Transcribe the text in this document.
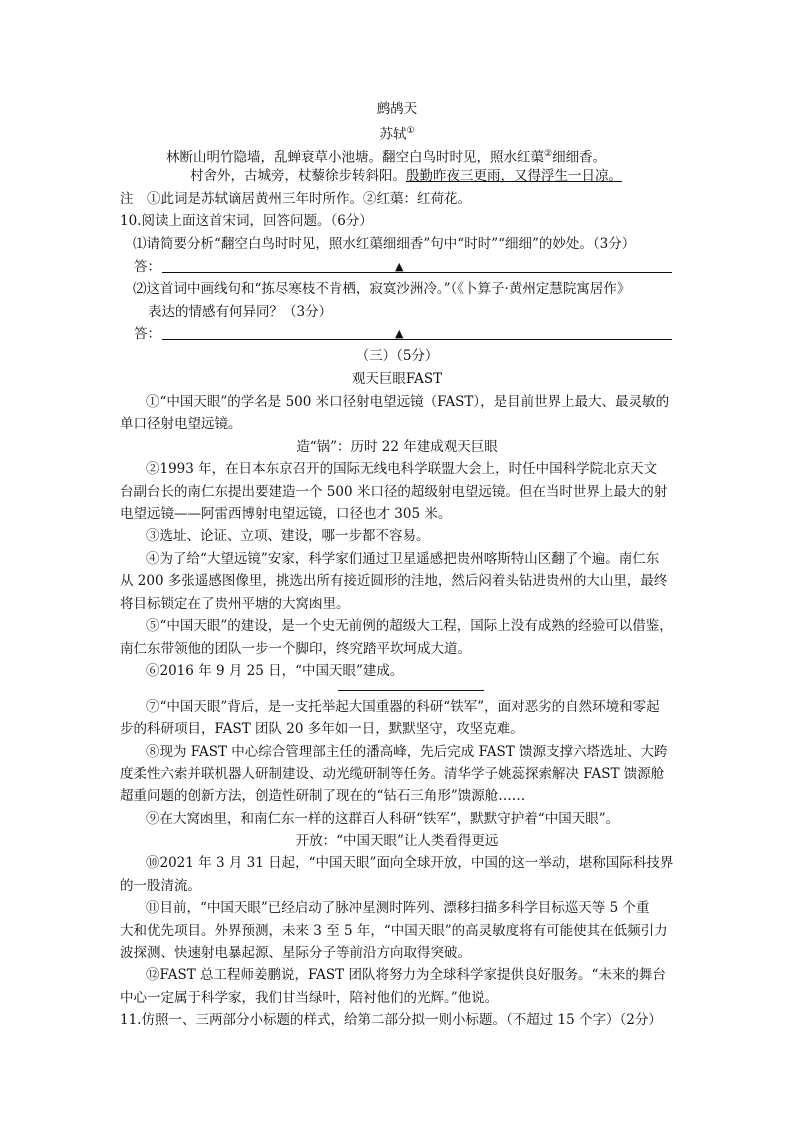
鹧鸪天
苏轼①
林断山明竹隐墙，乱蝉衰草小池塘。翻空白鸟时时见，照水红蕖②细细香。
村舍外，古城旁，杖藜徐步转斜阳。殷勤昨夜三更雨，又得浮生一日凉。
注　①此词是苏轼谪居黄州三年时所作。②红蕖：红荷花。
10.阅读上面这首宋词，回答问题。（6分）
⑴请简要分析“翻空白鸟时时见，照水红蕖细细香”句中“时时”“细细”的妙处。（3分）
答：	▲
⑵这首词中画线句和“拣尽寒枝不肯栖，寂寞沙洲冷。”（《卜算子·黄州定慧院寓居作》
表达的情感有何异同？（3分）
答：	▲
（三）（5分）
观天巨眼FAST
①“中国天眼”的学名是 500 米口径射电望远镜（FAST），是目前世界上最大、最灵敏的
单口径射电望远镜。
造“锅”：历时 22 年建成观天巨眼
②1993 年，在日本东京召开的国际无线电科学联盟大会上，时任中国科学院北京天文
台副台长的南仁东提出要建造一个 500 米口径的超级射电望远镜。但在当时世界上最大的射
电望远镜——阿雷西博射电望远镜，口径也才 305 米。
③选址、论证、立项、建设，哪一步都不容易。
④为了给“大望远镜”安家，科学家们通过卫星遥感把贵州喀斯特山区翻了个遍。南仁东
从 200 多张遥感图像里，挑选出所有接近圆形的洼地，然后闷着头钻进贵州的大山里，最终
将目标锁定在了贵州平塘的大窝凼里。
⑤“中国天眼”的建设，是一个史无前例的超级大工程，国际上没有成熟的经验可以借鉴，
南仁东带领他的团队一步一个脚印，终究踏平坎坷成大道。
⑥2016 年 9 月 25 日，“中国天眼”建成。
⑦“中国天眼”背后，是一支托举起大国重器的科研“铁军”，面对恶劣的自然环境和零起
步的科研项目，FAST 团队 20 多年如一日，默默坚守，攻坚克难。
⑧现为 FAST 中心综合管理部主任的潘高峰，先后完成 FAST 馈源支撑六塔选址、大跨
度柔性六索并联机器人研制建设、动光缆研制等任务。清华学子姚蕊探索解决 FAST 馈源舱
超重问题的创新方法，创造性研制了现在的“钻石三角形”馈源舱……
⑨在大窝凼里，和南仁东一样的这群百人科研“铁军”，默默守护着“中国天眼”。
开放：“中国天眼”让人类看得更远
⑩2021 年 3 月 31 日起，“中国天眼”面向全球开放，中国的这一举动，堪称国际科技界
的一股清流。
⑪目前，“中国天眼”已经启动了脉冲星测时阵列、漂移扫描多科学目标巡天等 5 个重
大和优先项目。外界预测，未来 3 至 5 年，“中国天眼”的高灵敏度将有可能使其在低频引力
波探测、快速射电暴起源、星际分子等前沿方向取得突破。
⑫FAST 总工程师姜鹏说，FAST 团队将努力为全球科学家提供良好服务。“未来的舞台
中心一定属于科学家，我们甘当绿叶，陪衬他们的光辉。”他说。
11.仿照一、三两部分小标题的样式，给第二部分拟一则小标题。（不超过 15 个字）（2分）
